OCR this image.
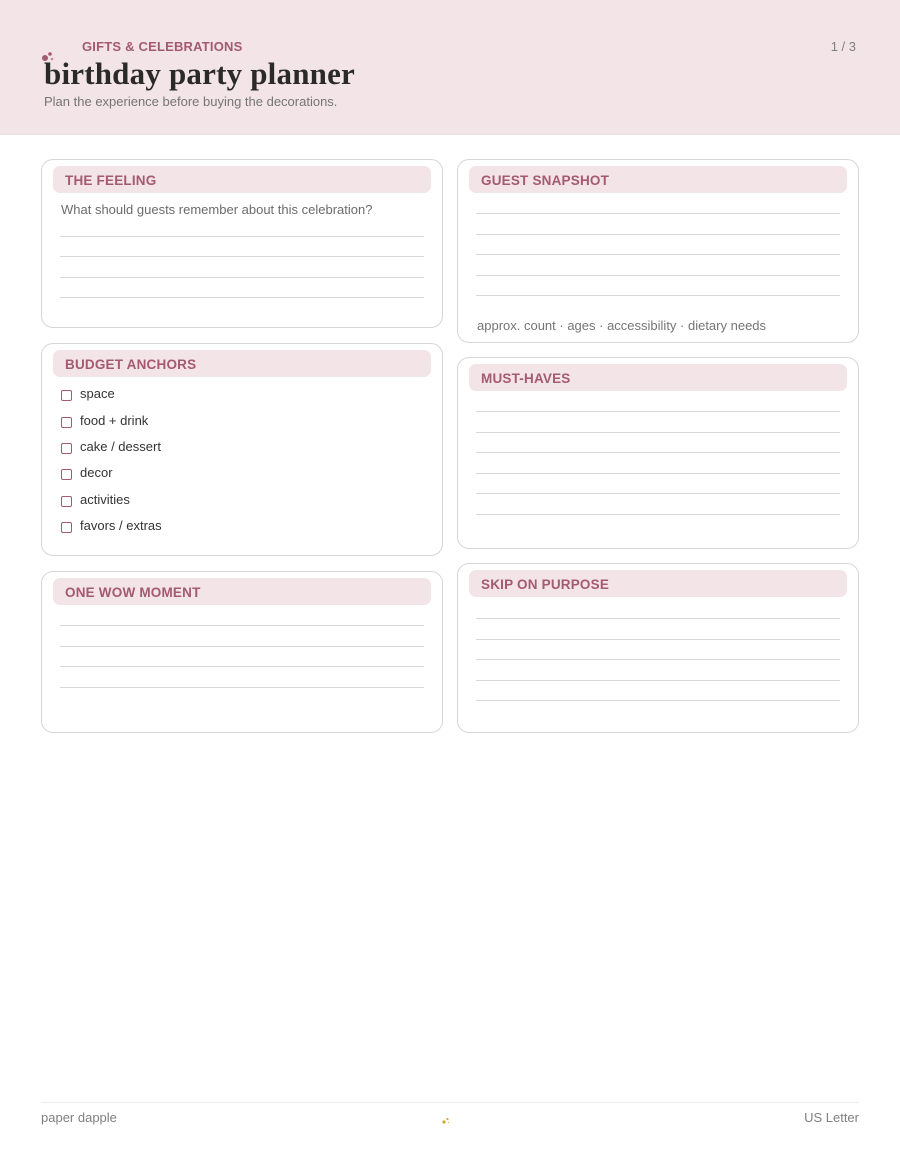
GIFTS & CELEBRATIONS	1 / 3
birthday party planner
Plan the experience before buying the decorations.
THE FEELING
What should guests remember about this celebration?
GUEST SNAPSHOT
approx. count · ages · accessibility · dietary needs
BUDGET ANCHORS
space
food + drink
cake / dessert
decor
activities
favors / extras
MUST-HAVES
ONE WOW MOMENT
SKIP ON PURPOSE
paper dapple	US Letter
